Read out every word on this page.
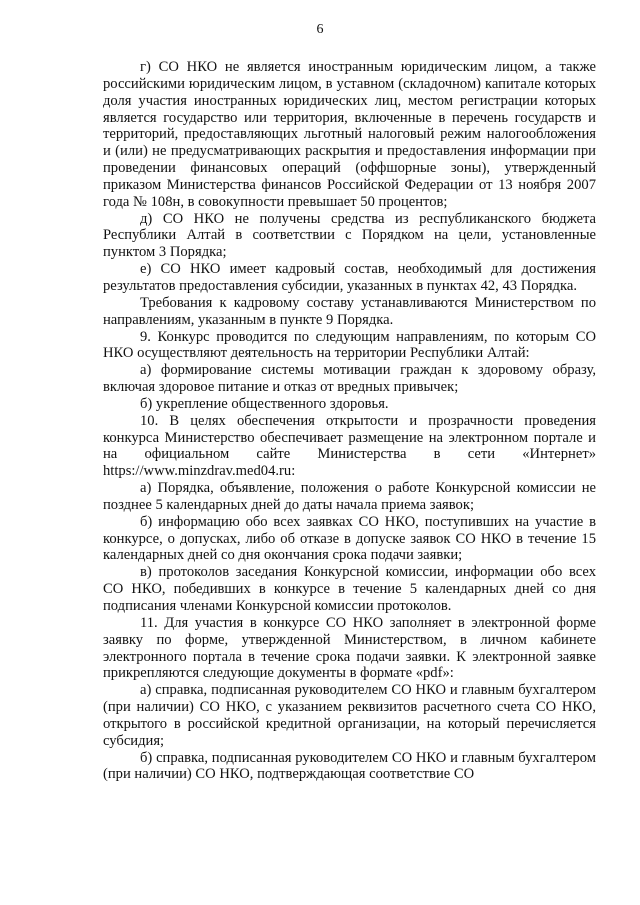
6

г) СО НКО не является иностранным юридическим лицом, а также российскими юридическим лицом, в уставном (складочном) капитале которых доля участия иностранных юридических лиц, местом регистрации которых является государство или территория, включенные в перечень государств и территорий, предоставляющих льготный налоговый режим налогообложения и (или) не предусматривающих раскрытия и предоставления информации при проведении финансовых операций (оффшорные зоны), утвержденный приказом Министерства финансов Российской Федерации от 13 ноября 2007 года № 108н, в совокупности превышает 50 процентов;

д) СО НКО не получены средства из республиканского бюджета Республики Алтай в соответствии с Порядком на цели, установленные пунктом 3 Порядка;

е) СО НКО имеет кадровый состав, необходимый для достижения результатов предоставления субсидии, указанных в пунктах 42, 43 Порядка.

Требования к кадровому составу устанавливаются Министерством по направлениям, указанным в пункте 9 Порядка.

9. Конкурс проводится по следующим направлениям, по которым СО НКО осуществляют деятельность на территории Республики Алтай:

а) формирование системы мотивации граждан к здоровому образу, включая здоровое питание и отказ от вредных привычек;

б) укрепление общественного здоровья.

10. В целях обеспечения открытости и прозрачности проведения конкурса Министерство обеспечивает размещение на электронном портале и на официальном сайте Министерства в сети «Интернет» https://www.minzdrav.med04.ru:

а) Порядка, объявление, положения о работе Конкурсной комиссии не позднее 5 календарных дней до даты начала приема заявок;

б) информацию обо всех заявках СО НКО, поступивших на участие в конкурсе, о допусках, либо об отказе в допуске заявок СО НКО в течение 15 календарных дней со дня окончания срока подачи заявки;

в) протоколов заседания Конкурсной комиссии, информации обо всех СО НКО, победивших в конкурсе в течение 5 календарных дней со дня подписания членами Конкурсной комиссии протоколов.

11. Для участия в конкурсе СО НКО заполняет в электронной форме заявку по форме, утвержденной Министерством, в личном кабинете электронного портала в течение срока подачи заявки. К электронной заявке прикрепляются следующие документы в формате «pdf»:

а) справка, подписанная руководителем СО НКО и главным бухгалтером (при наличии) СО НКО, с указанием реквизитов расчетного счета СО НКО, открытого в российской кредитной организации, на который перечисляется субсидия;

б) справка, подписанная руководителем СО НКО и главным бухгалтером (при наличии) СО НКО, подтверждающая соответствие СО
